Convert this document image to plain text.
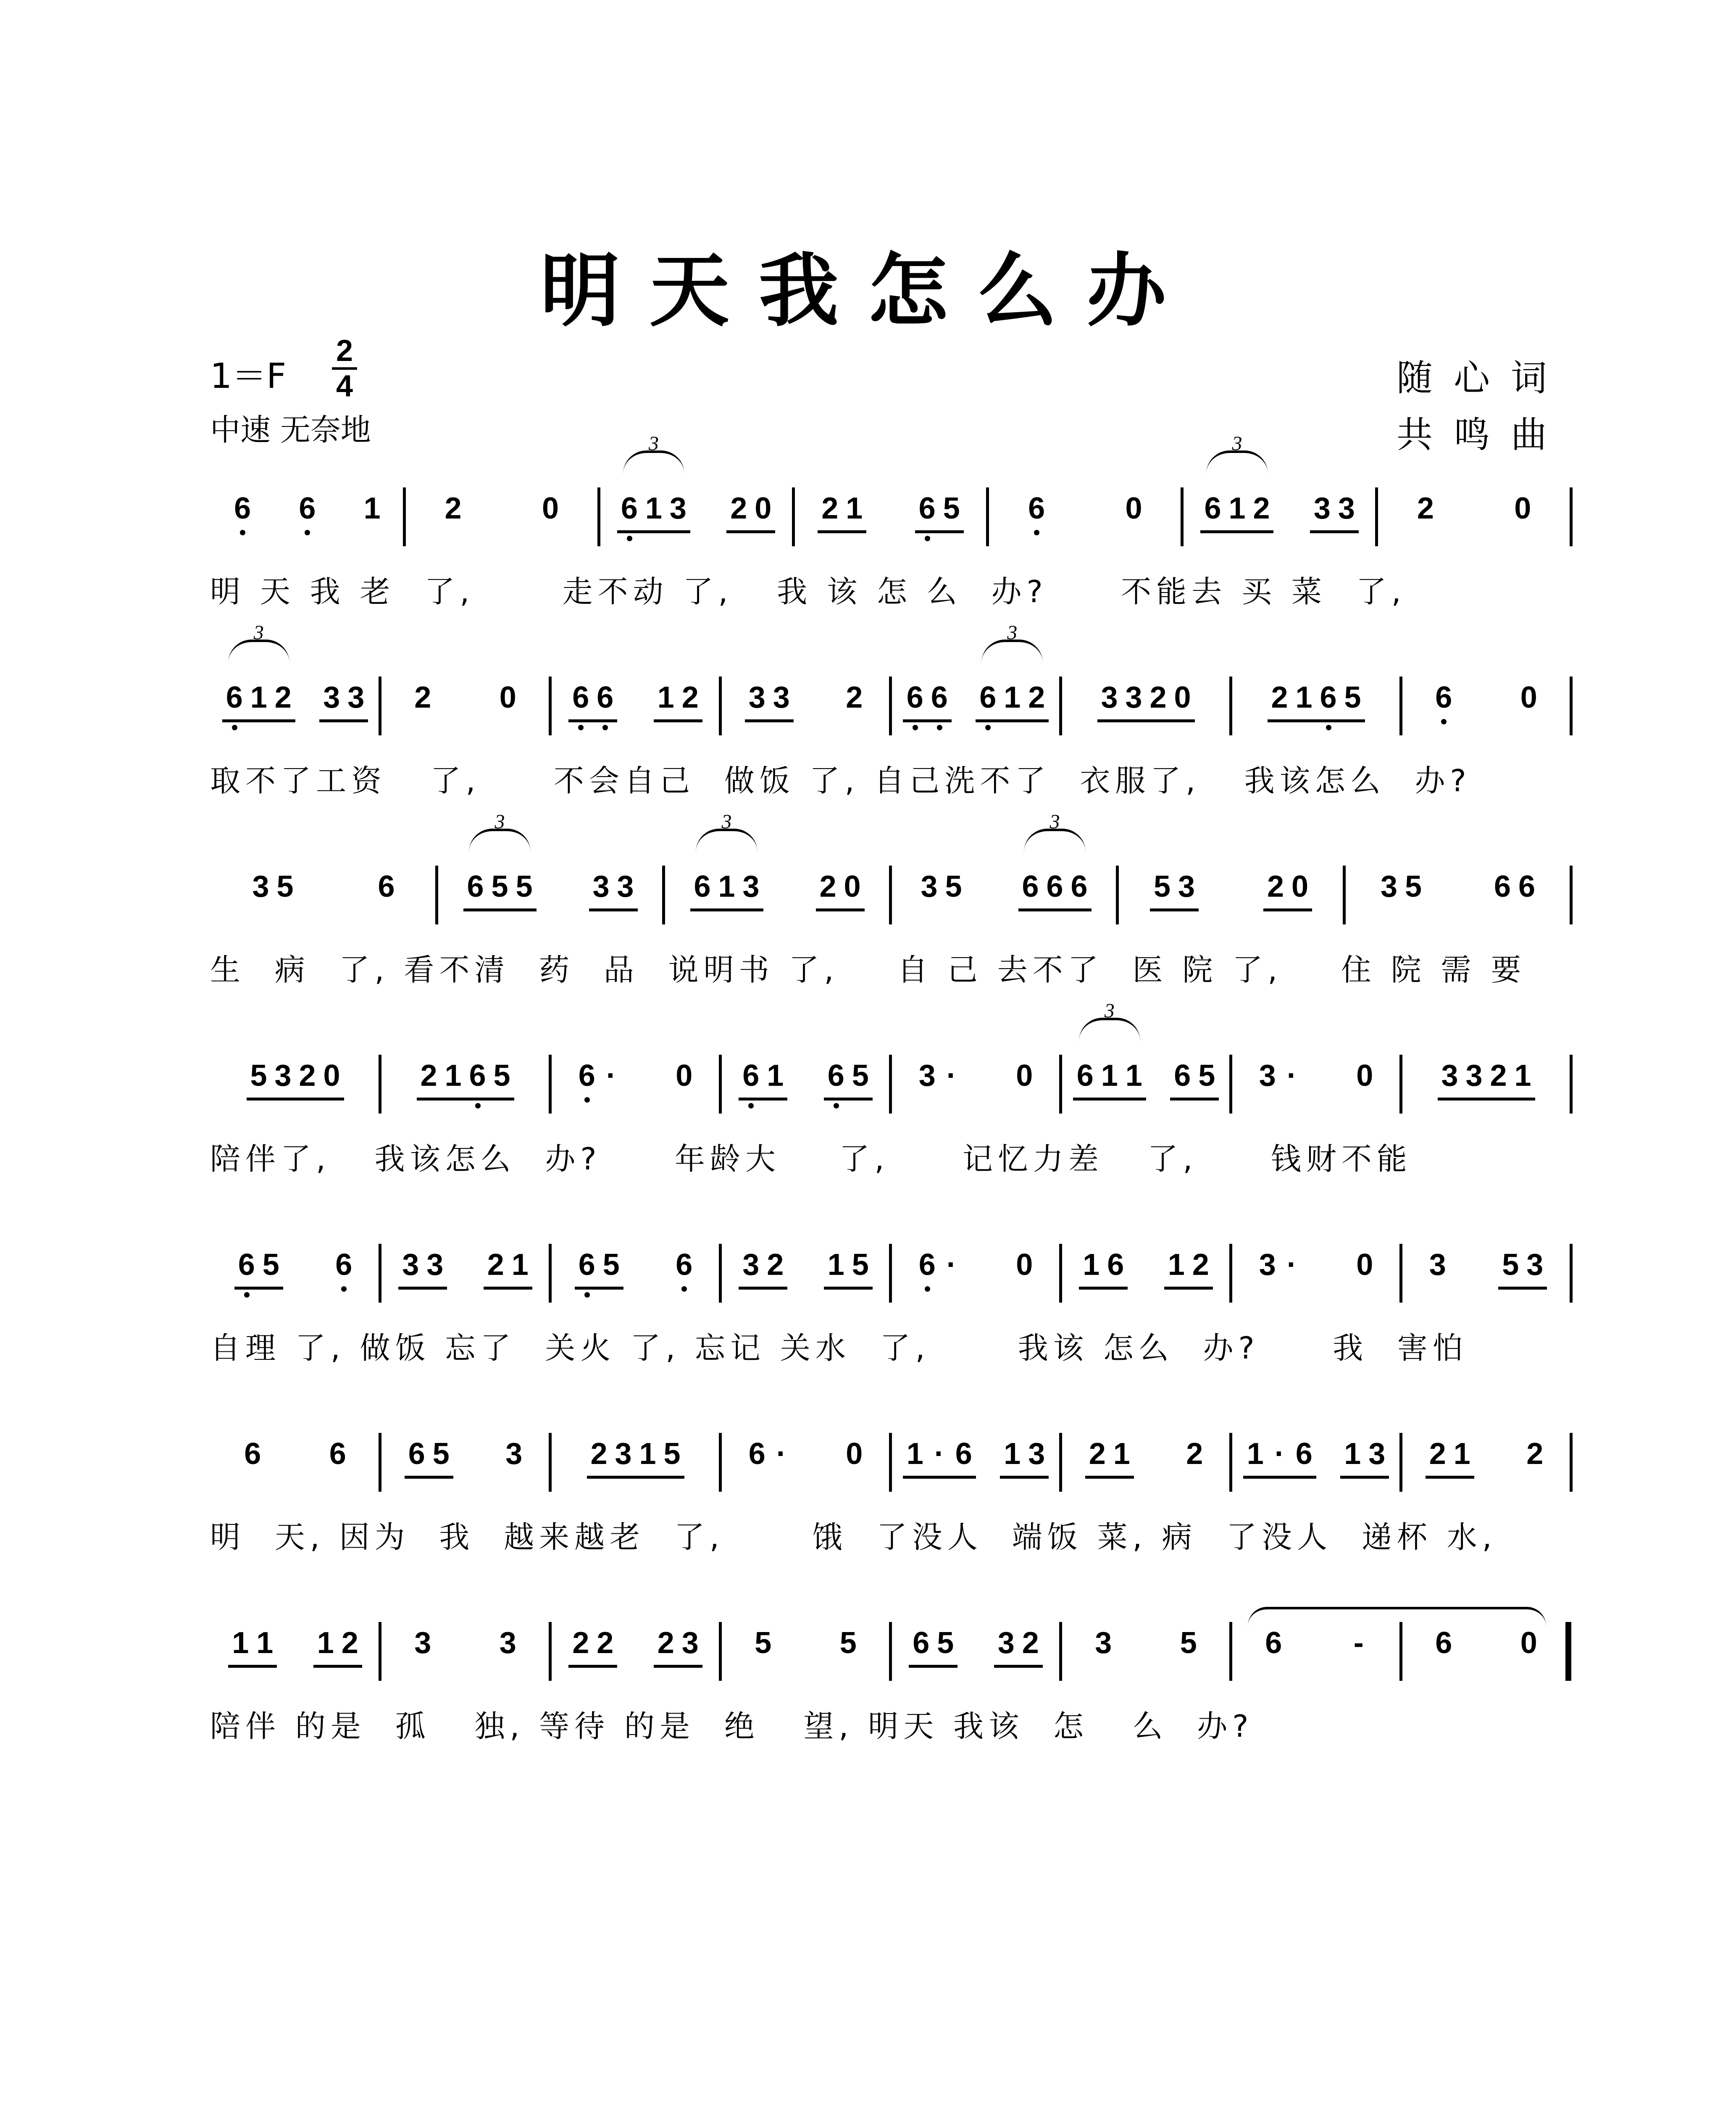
明天我怎么办
1＝F
2
4
中速 无奈地
随心词
共鸣曲
6 6 1 2	0 6 1 3
3
2 0 2 1 6 5 6	0 6 1 2
3
3 3 2	0
明 天 我 老  了,      走不动 了,   我 该 怎 么  办?     不能去 买 菜  了,
6 1 2
3
3 3 2 0 6 6 1 2 3 3 2 6 6 6 1 2
3
3 3 2 0	2 1 6 5 6 0
取不了工资   了,     不会自己  做饭 了, 自己洗不了  衣服了,   我该怎么  办?
3 5	6 6 5 5
3
3 3 6 1 3
3
2 0 3 5 6 6 6
3
5 3 2 0 3 5 6 6
生  病  了, 看不清  药  品  说明书 了,    自 己 去不了  医 院 了,    住 院 需 要
5 3 2 0	2 1 6 5 6 · 0 6 1 6 5 3 · 0 6 1 1
3
6 5 3 · 0 3 3 2 1
陪伴了,   我该怎么  办?     年龄大    了,     记忆力差   了,     钱财不能
6 5 6 3 3 2 1 6 5 6 3 2 1 5 6 · 0 1 6 1 2 3 · 0 3 5 3
自理 了, 做饭 忘了  关火 了, 忘记 关水  了,      我该 怎么  办?     我  害怕
6 6 6 5 3 2 3 1 5 6 · 0 1 · 6 1 3 2 1 2 1 · 6 1 3 2 1 2
明  天, 因为  我  越来越老  了,      饿  了没人  端饭 菜, 病  了没人  递杯 水,
1 1 1 2 3 3 2 2 2 3 5 5 6 5 3 2 3 5 6 - 6 0
陪伴 的是  孤   独, 等待 的是  绝   望, 明天 我该  怎   么  办?
